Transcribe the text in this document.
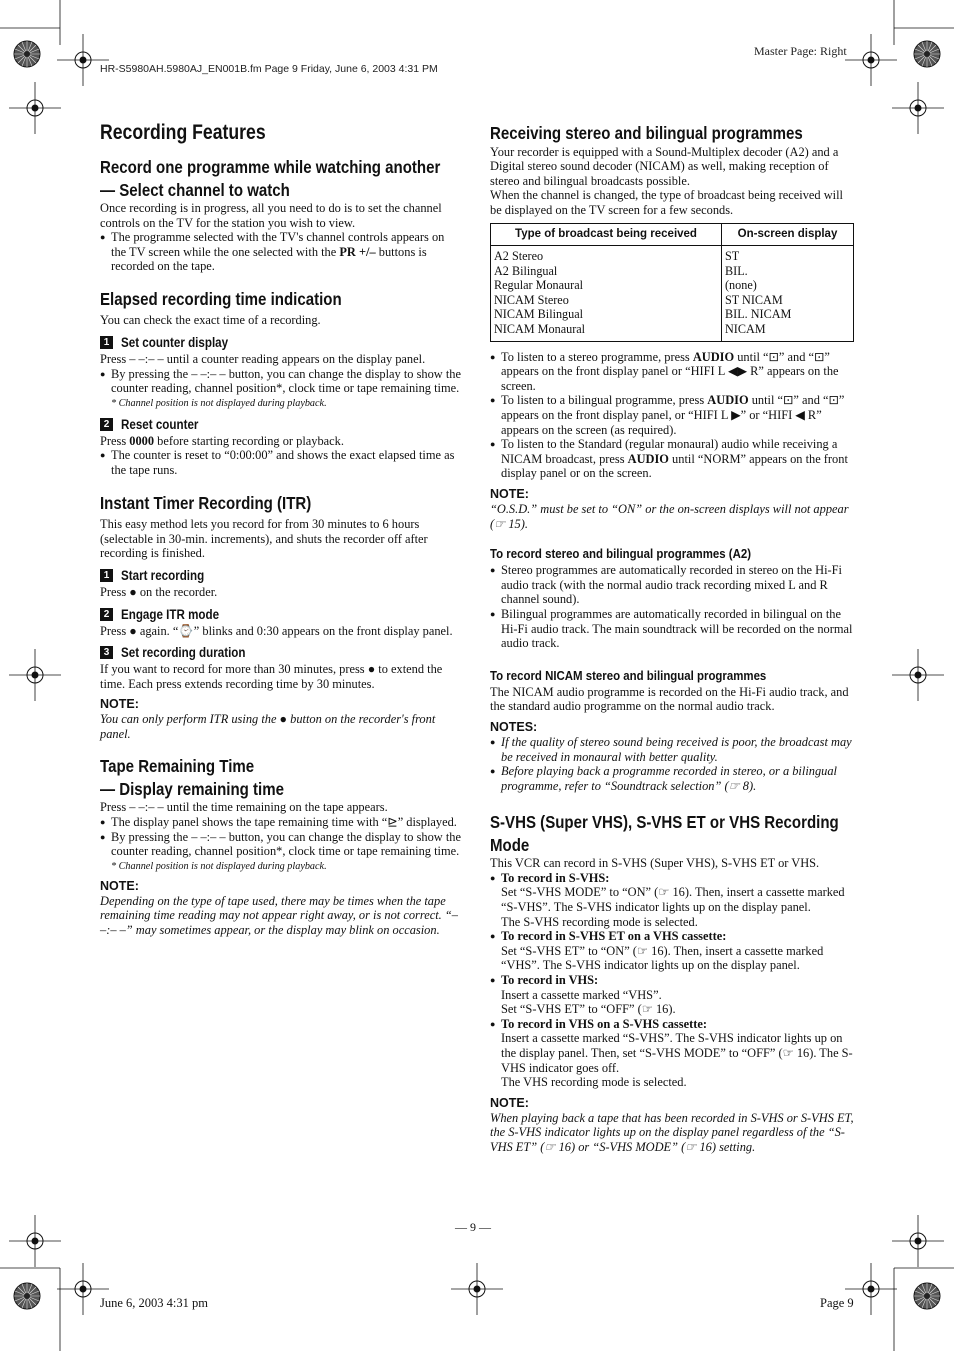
HR-S5980AH.5980AJ_EN001B.fm Page 9 Friday, June 6, 2003 4:31 PM
Master Page: Right
Recording Features
Record one programme while watching another
— Select channel to watch

Once recording is in progress, all you need to do is to set the channel controls on the TV for the station you wish to view.

● The programme selected with the TV's channel controls appears on the TV screen while the one selected with the PR +/– buttons is recorded on the tape.

Elapsed recording time indication

You can check the exact time of a recording.

1 Set counter display

Press – –:– – until a counter reading appears on the display panel.

● By pressing the – –:– – button, you can change the display to show the counter reading, channel position*, clock time or tape remaining time.

* Channel position is not displayed during playback.

2 Reset counter

Press 0000 before starting recording or playback.

● The counter is reset to “0:00:00” and shows the exact elapsed time as the tape runs.

Instant Timer Recording (ITR)

This easy method lets you record for from 30 minutes to 6 hours (selectable in 30-min. increments), and shuts the recorder off after recording is finished.

1 Start recording

Press ● on the recorder.

2 Engage ITR mode

Press ● again. “⌚” blinks and 0:30 appears on the front display panel.

3 Set recording duration

If you want to record for more than 30 minutes, press ● to extend the time. Each press extends recording time by 30 minutes.

NOTE:

You can only perform ITR using the ● button on the recorder's front panel.

Tape Remaining Time
— Display remaining time

Press – –:– – until the time remaining on the tape appears.

● The display panel shows the tape remaining time with “⊵” displayed.

● By pressing the – –:– – button, you can change the display to show the counter reading, channel position*, clock time or tape remaining time.

* Channel position is not displayed during playback.

NOTE:

Depending on the type of tape used, there may be times when the tape remaining time reading may not appear right away, or is not correct. “– –:– –” may sometimes appear, or the display may blink on occasion.

Receiving stereo and bilingual programmes

Your recorder is equipped with a Sound-Multiplex decoder (A2) and a Digital stereo sound decoder (NICAM) as well, making reception of stereo and bilingual broadcasts possible.

When the channel is changed, the type of broadcast being received will be displayed on the TV screen for a few seconds.

Type of broadcast being received	On-screen display
A2 Stereo	ST
A2 Bilingual	BIL.
Regular Monaural	(none)
NICAM Stereo	ST NICAM
NICAM Bilingual	BIL. NICAM
NICAM Monaural	NICAM

● To listen to a stereo programme, press AUDIO until “⊡” and “⊡” appears on the front display panel or “HIFI L ◀▶ R” appears on the screen.

● To listen to a bilingual programme, press AUDIO until “⊡” and “⊡” appears on the front display panel, or “HIFI L ▶” or “HIFI ◀ R” appears on the screen (as required).

● To listen to the Standard (regular monaural) audio while receiving a NICAM broadcast, press AUDIO until “NORM” appears on the front display panel or on the screen.

NOTE:

“O.S.D.” must be set to “ON” or the on-screen displays will not appear (☞ 15).

To record stereo and bilingual programmes (A2)

● Stereo programmes are automatically recorded in stereo on the Hi-Fi audio track (with the normal audio track recording mixed L and R channel sound).

● Bilingual programmes are automatically recorded in bilingual on the Hi-Fi audio track. The main soundtrack will be recorded on the normal audio track.

To record NICAM stereo and bilingual programmes

The NICAM audio programme is recorded on the Hi-Fi audio track, and the standard audio programme on the normal audio track.

NOTES:

● If the quality of stereo sound being received is poor, the broadcast may be received in monaural with better quality.

● Before playing back a programme recorded in stereo, or a bilingual programme, refer to “Soundtrack selection” (☞ 8).

S-VHS (Super VHS), S-VHS ET or VHS Recording
Mode

This VCR can record in S-VHS (Super VHS), S-VHS ET or VHS.

● To record in S-VHS:

Set “S-VHS MODE” to “ON” (☞ 16). Then, insert a cassette marked “S-VHS”. The S-VHS indicator lights up on the display panel.

The S-VHS recording mode is selected.

● To record in S-VHS ET on a VHS cassette:

Set “S-VHS ET” to “ON” (☞ 16). Then, insert a cassette marked “VHS”. The S-VHS indicator lights up on the display panel.

● To record in VHS:

Insert a cassette marked “VHS”.

Set “S-VHS ET” to “OFF” (☞ 16).

● To record in VHS on a S-VHS cassette:

Insert a cassette marked “S-VHS”. The S-VHS indicator lights up on the display panel. Then, set “S-VHS MODE” to “OFF” (☞ 16). The S-VHS indicator goes off.

The VHS recording mode is selected.

NOTE:

When playing back a tape that has been recorded in S-VHS or S-VHS ET, the S-VHS indicator lights up on the display panel regardless of the “S-VHS ET” (☞ 16) or “S-VHS MODE” (☞ 16) setting.

— 9 —
June 6, 2003 4:31 pm	Page 9
